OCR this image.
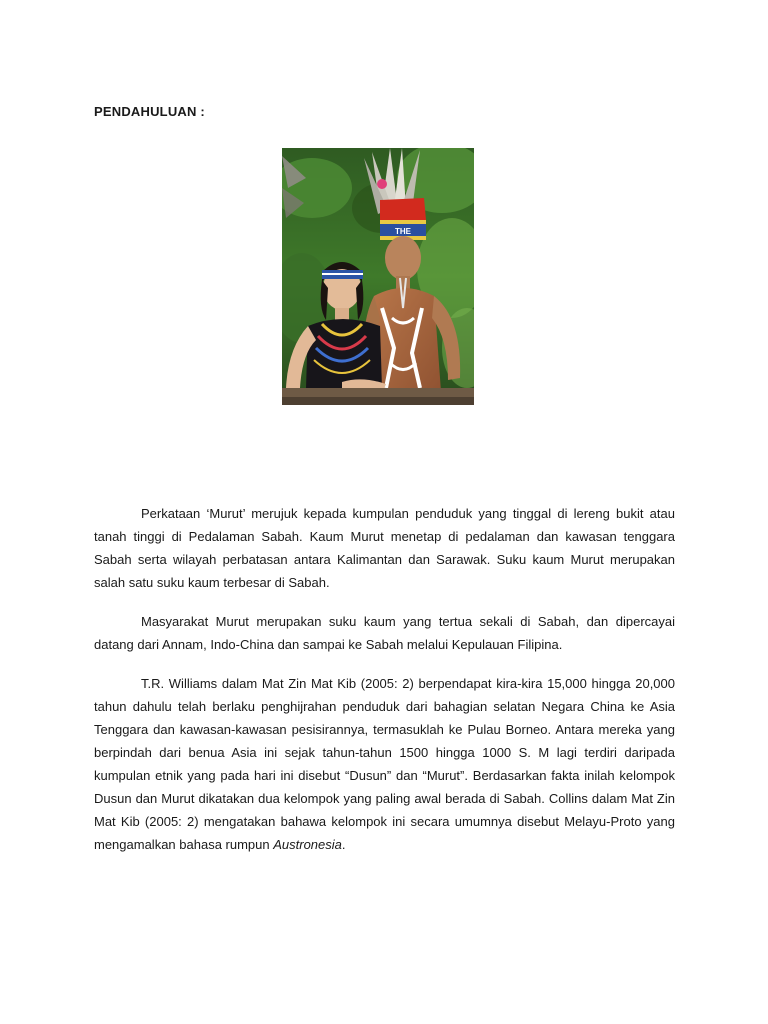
PENDAHULUAN :
THE

Perkataan ‘Murut’ merujuk kepada kumpulan penduduk yang tinggal di lereng bukit atau tanah tinggi di Pedalaman Sabah. Kaum Murut menetap di pedalaman dan kawasan tenggara Sabah serta wilayah perbatasan antara Kalimantan dan Sarawak. Suku kaum Murut merupakan salah satu suku kaum terbesar di Sabah.

Masyarakat Murut merupakan suku kaum yang tertua sekali di Sabah, dan dipercayai datang dari Annam, Indo-China dan sampai ke Sabah melalui Kepulauan Filipina.

T.R. Williams dalam Mat Zin Mat Kib (2005: 2) berpendapat kira-kira 15,000 hingga 20,000 tahun dahulu telah berlaku penghijrahan penduduk dari bahagian selatan Negara China ke Asia Tenggara dan kawasan-kawasan pesisirannya, termasuklah ke Pulau Borneo. Antara mereka yang berpindah dari benua Asia ini sejak tahun-tahun 1500 hingga 1000 S. M lagi terdiri daripada kumpulan etnik yang pada hari ini disebut “Dusun” dan “Murut”. Berdasarkan fakta inilah kelompok Dusun dan Murut dikatakan dua kelompok yang paling awal berada di Sabah. Collins dalam Mat Zin Mat Kib (2005: 2) mengatakan bahawa kelompok ini secara umumnya disebut Melayu-Proto yang mengamalkan bahasa rumpun Austronesia.
